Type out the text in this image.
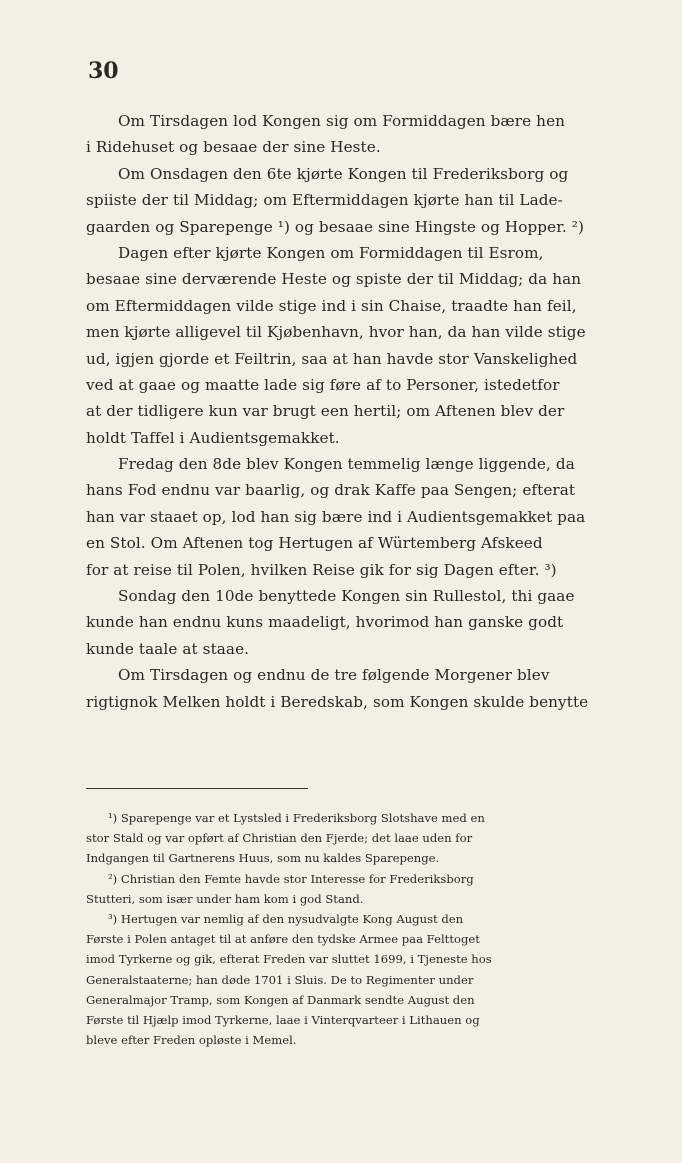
30
Om Tirsdagen lod Kongen sig om Formiddagen bære hen
i Ridehuset og besaae der sine Heste.
Om Onsdagen den 6te kjørte Kongen til Frederiksborg og
spiiste der til Middag; om Eftermiddagen kjørte han til Lade-
gaarden og Sparepenge ¹) og besaae sine Hingste og Hopper. ²)
Dagen efter kjørte Kongen om Formiddagen til Esrom,
besaae sine derværende Heste og spiste der til Middag; da han
om Eftermiddagen vilde stige ind i sin Chaise, traadte han feil,
men kjørte alligevel til Kjøbenhavn, hvor han, da han vilde stige
ud, igjen gjorde et Feiltrin, saa at han havde stor Vanskelighed
ved at gaae og maatte lade sig føre af to Personer, istedetfor
at der tidligere kun var brugt een hertil; om Aftenen blev der
holdt Taffel i Audientsgemakket.
Fredag den 8de blev Kongen temmelig længe liggende, da
hans Fod endnu var baarlig, og drak Kaffe paa Sengen; efterat
han var staaet op, lod han sig bære ind i Audientsgemakket paa
en Stol. Om Aftenen tog Hertugen af Würtemberg Afskeed
for at reise til Polen, hvilken Reise gik for sig Dagen efter. ³)
Sondag den 10de benyttede Kongen sin Rullestol, thi gaae
kunde han endnu kuns maadeligt, hvorimod han ganske godt
kunde taale at staae.
Om Tirsdagen og endnu de tre følgende Morgener blev
rigtignok Melken holdt i Beredskab, som Kongen skulde benytte
¹) Sparepenge var et Lystsled i Frederiksborg Slotshave med en
stor Stald og var opført af Christian den Fjerde; det laae uden for
Indgangen til Gartnerens Huus, som nu kaldes Sparepenge.
²) Christian den Femte havde stor Interesse for Frederiksborg
Stutteri, som især under ham kom i god Stand.
³) Hertugen var nemlig af den nysudvalgte Kong August den
Første i Polen antaget til at anføre den tydske Armee paa Felttoget
imod Tyrkerne og gik, efterat Freden var sluttet 1699, i Tjeneste hos
Generalstaaterne; han døde 1701 i Sluis. De to Regimenter under
Generalmajor Tramp, som Kongen af Danmark sendte August den
Første til Hjælp imod Tyrkerne, laae i Vinterqvarteer i Lithauen og
bleve efter Freden opløste i Memel.
